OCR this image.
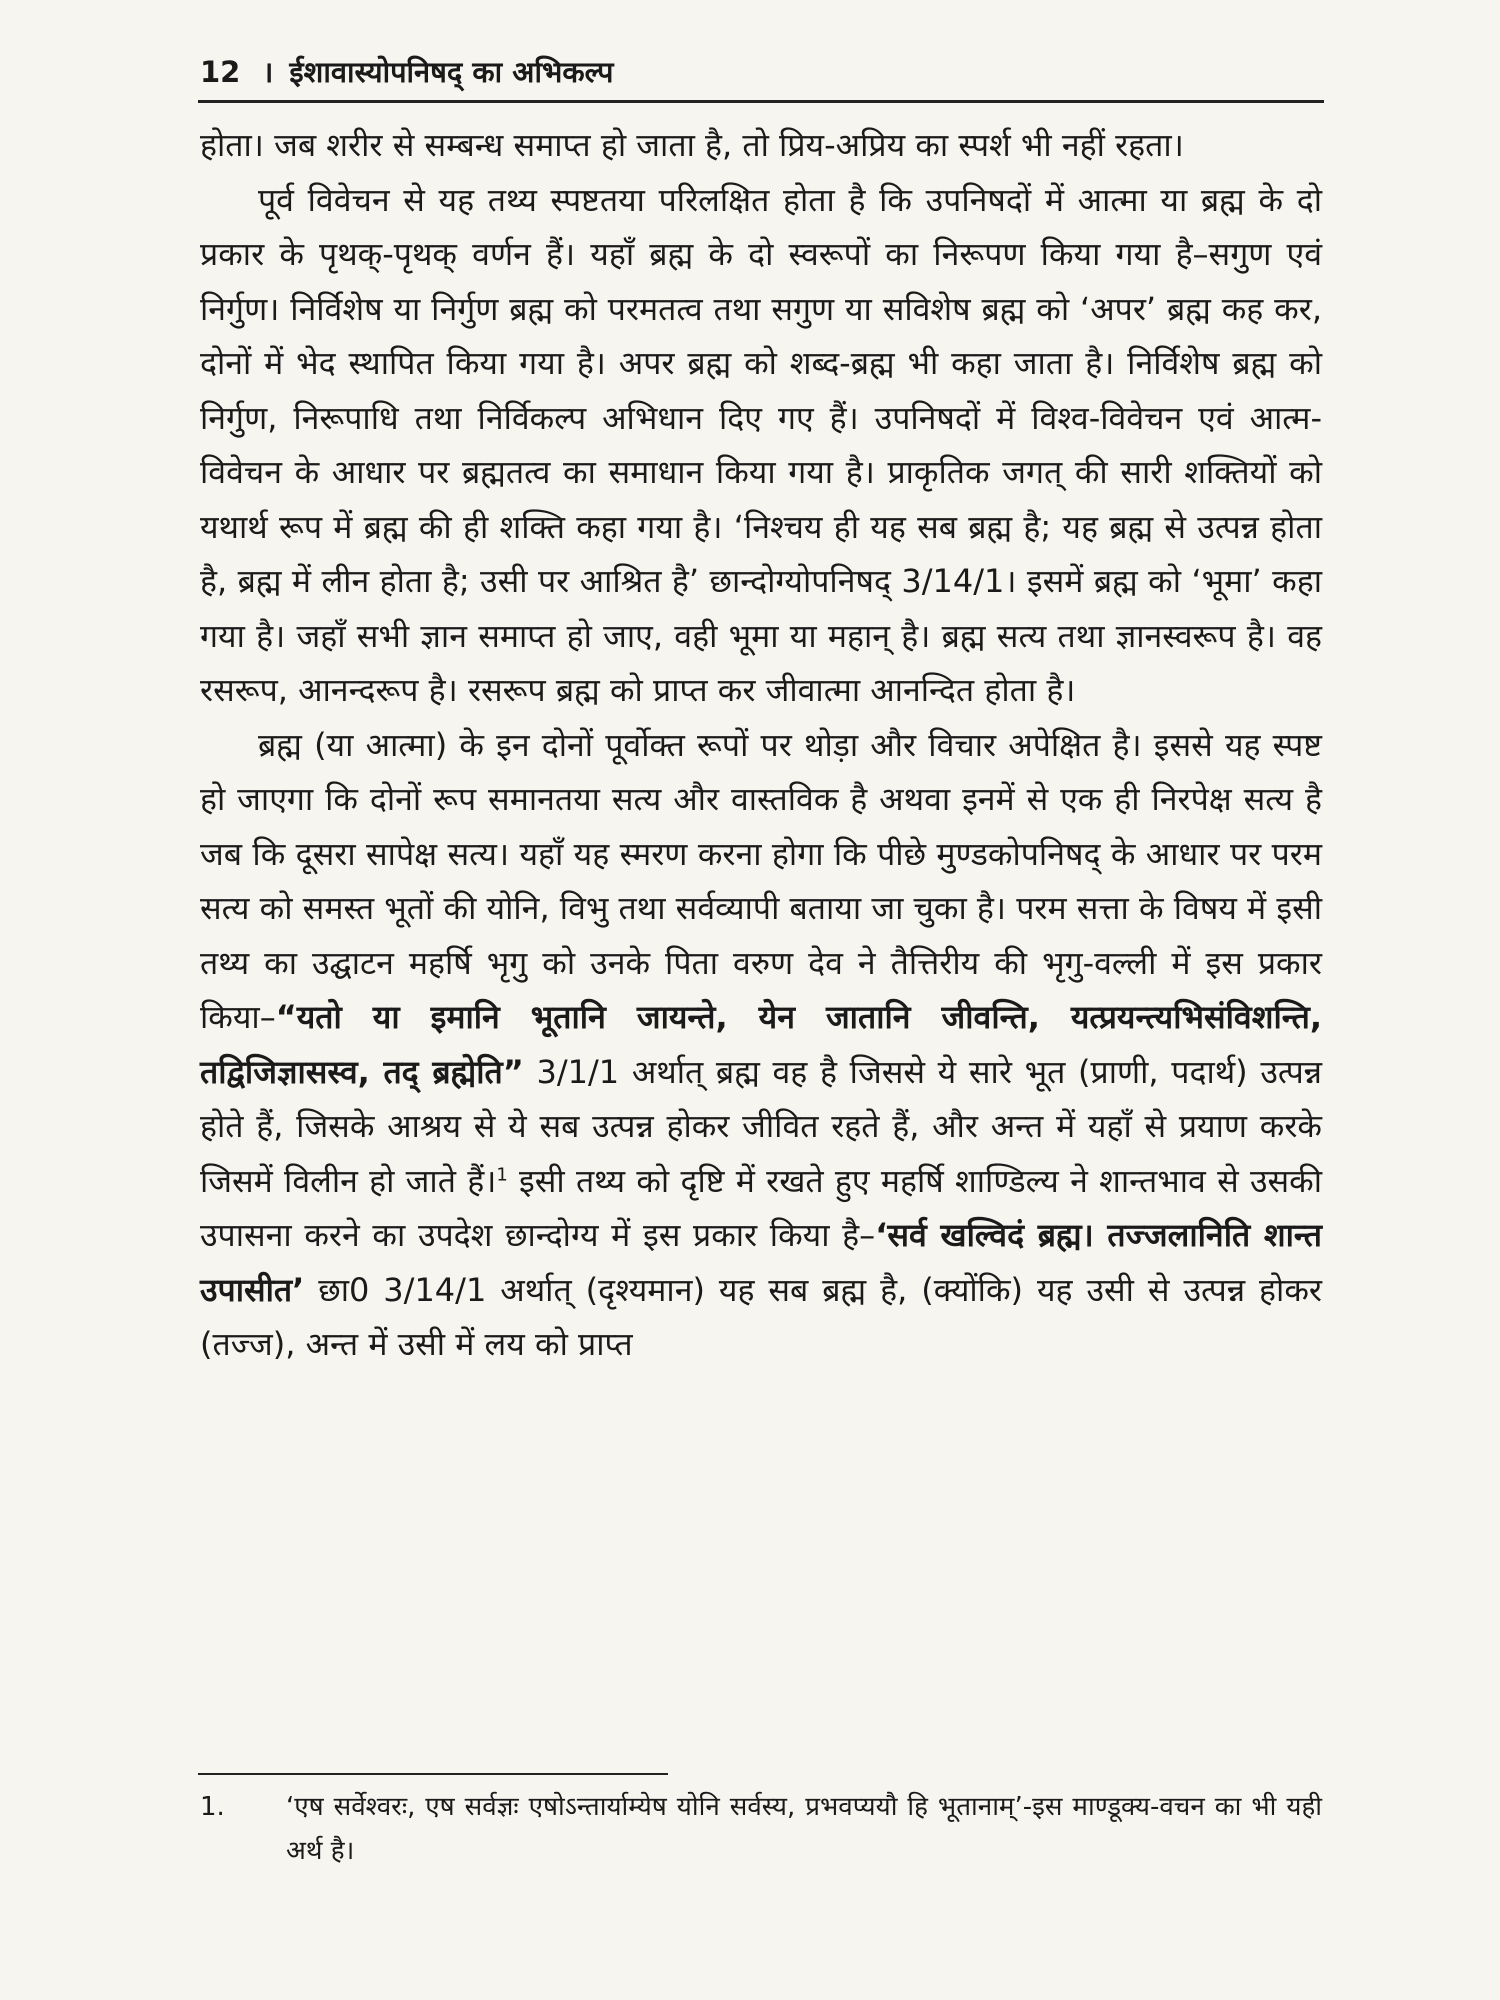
12 । ईशावास्योपनिषद् का अभिकल्प

होता। जब शरीर से सम्बन्ध समाप्त हो जाता है, तो प्रिय-अप्रिय का स्पर्श भी नहीं रहता।

पूर्व विवेचन से यह तथ्य स्पष्टतया परिलक्षित होता है कि उपनिषदों में आत्मा या ब्रह्म के दो प्रकार के पृथक्-पृथक् वर्णन हैं। यहाँ ब्रह्म के दो स्वरूपों का निरूपण किया गया है–सगुण एवं निर्गुण। निर्विशेष या निर्गुण ब्रह्म को परमतत्व तथा सगुण या सविशेष ब्रह्म को ‘अपर’ ब्रह्म कह कर, दोनों में भेद स्थापित किया गया है। अपर ब्रह्म को शब्द-ब्रह्म भी कहा जाता है। निर्विशेष ब्रह्म को निर्गुण, निरूपाधि तथा निर्विकल्प अभिधान दिए गए हैं। उपनिषदों में विश्व-विवेचन एवं आत्म-विवेचन के आधार पर ब्रह्मतत्व का समाधान किया गया है। प्राकृतिक जगत् की सारी शक्तियों को यथार्थ रूप में ब्रह्म की ही शक्ति कहा गया है। ‘निश्चय ही यह सब ब्रह्म है; यह ब्रह्म से उत्पन्न होता है, ब्रह्म में लीन होता है; उसी पर आश्रित है’ छान्दोग्योपनिषद् 3/14/1। इसमें ब्रह्म को ‘भूमा’ कहा गया है। जहाँ सभी ज्ञान समाप्त हो जाए, वही भूमा या महान् है। ब्रह्म सत्य तथा ज्ञानस्वरूप है। वह रसरूप, आनन्दरूप है। रसरूप ब्रह्म को प्राप्त कर जीवात्मा आनन्दित होता है।

ब्रह्म (या आत्मा) के इन दोनों पूर्वोक्त रूपों पर थोड़ा और विचार अपेक्षित है। इससे यह स्पष्ट हो जाएगा कि दोनों रूप समानतया सत्य और वास्तविक है अथवा इनमें से एक ही निरपेक्ष सत्य है जब कि दूसरा सापेक्ष सत्य। यहाँ यह स्मरण करना होगा कि पीछे मुण्डकोपनिषद् के आधार पर परम सत्य को समस्त भूतों की योनि, विभु तथा सर्वव्यापी बताया जा चुका है। परम सत्ता के विषय में इसी तथ्य का उद्घाटन महर्षि भृगु को उनके पिता वरुण देव ने तैत्तिरीय की भृगु-वल्ली में इस प्रकार किया–“यतो या इमानि भूतानि जायन्ते, येन जातानि जीवन्ति, यत्प्रयन्त्यभिसंविशन्ति, तद्विजिज्ञासस्व, तद् ब्रह्मेति” 3/1/1 अर्थात् ब्रह्म वह है जिससे ये सारे भूत (प्राणी, पदार्थ) उत्पन्न होते हैं, जिसके आश्रय से ये सब उत्पन्न होकर जीवित रहते हैं, और अन्त में यहाँ से प्रयाण करके जिसमें विलीन हो जाते हैं।$^1$ इसी तथ्य को दृष्टि में रखते हुए महर्षि शाण्डिल्य ने शान्तभाव से उसकी उपासना करने का उपदेश छान्दोग्य में इस प्रकार किया है–‘सर्व खल्विदं ब्रह्म। तज्जलानिति शान्त उपासीत’ छा0 3/14/1 अर्थात् (दृश्यमान) यह सब ब्रह्म है, (क्योंकि) यह उसी से उत्पन्न होकर (तज्ज), अन्त में उसी में लय को प्राप्त

1. ‘एष सर्वेश्वरः, एष सर्वज्ञः एषोऽन्तार्याम्येष योनि सर्वस्य, प्रभवप्ययौ हि भूतानाम्’-इस माण्डूक्य-वचन का भी यही अर्थ है।
